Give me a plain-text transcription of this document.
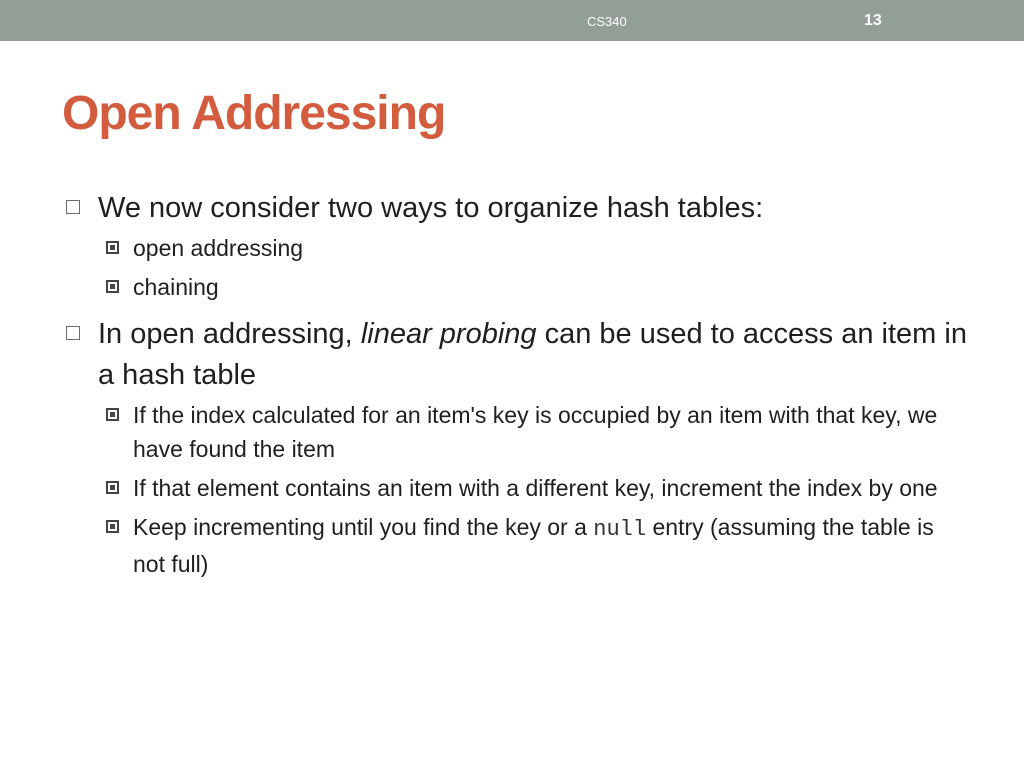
CS340	13
Open Addressing
We now consider two ways to organize hash tables:
open addressing
chaining
In open addressing, linear probing can be used to access an item in a hash table
If the index calculated for an item's key is occupied by an item with that key, we have found the item
If that element contains an item with a different key, increment the index by one
Keep incrementing until you find the key or a null entry (assuming the table is not full)
